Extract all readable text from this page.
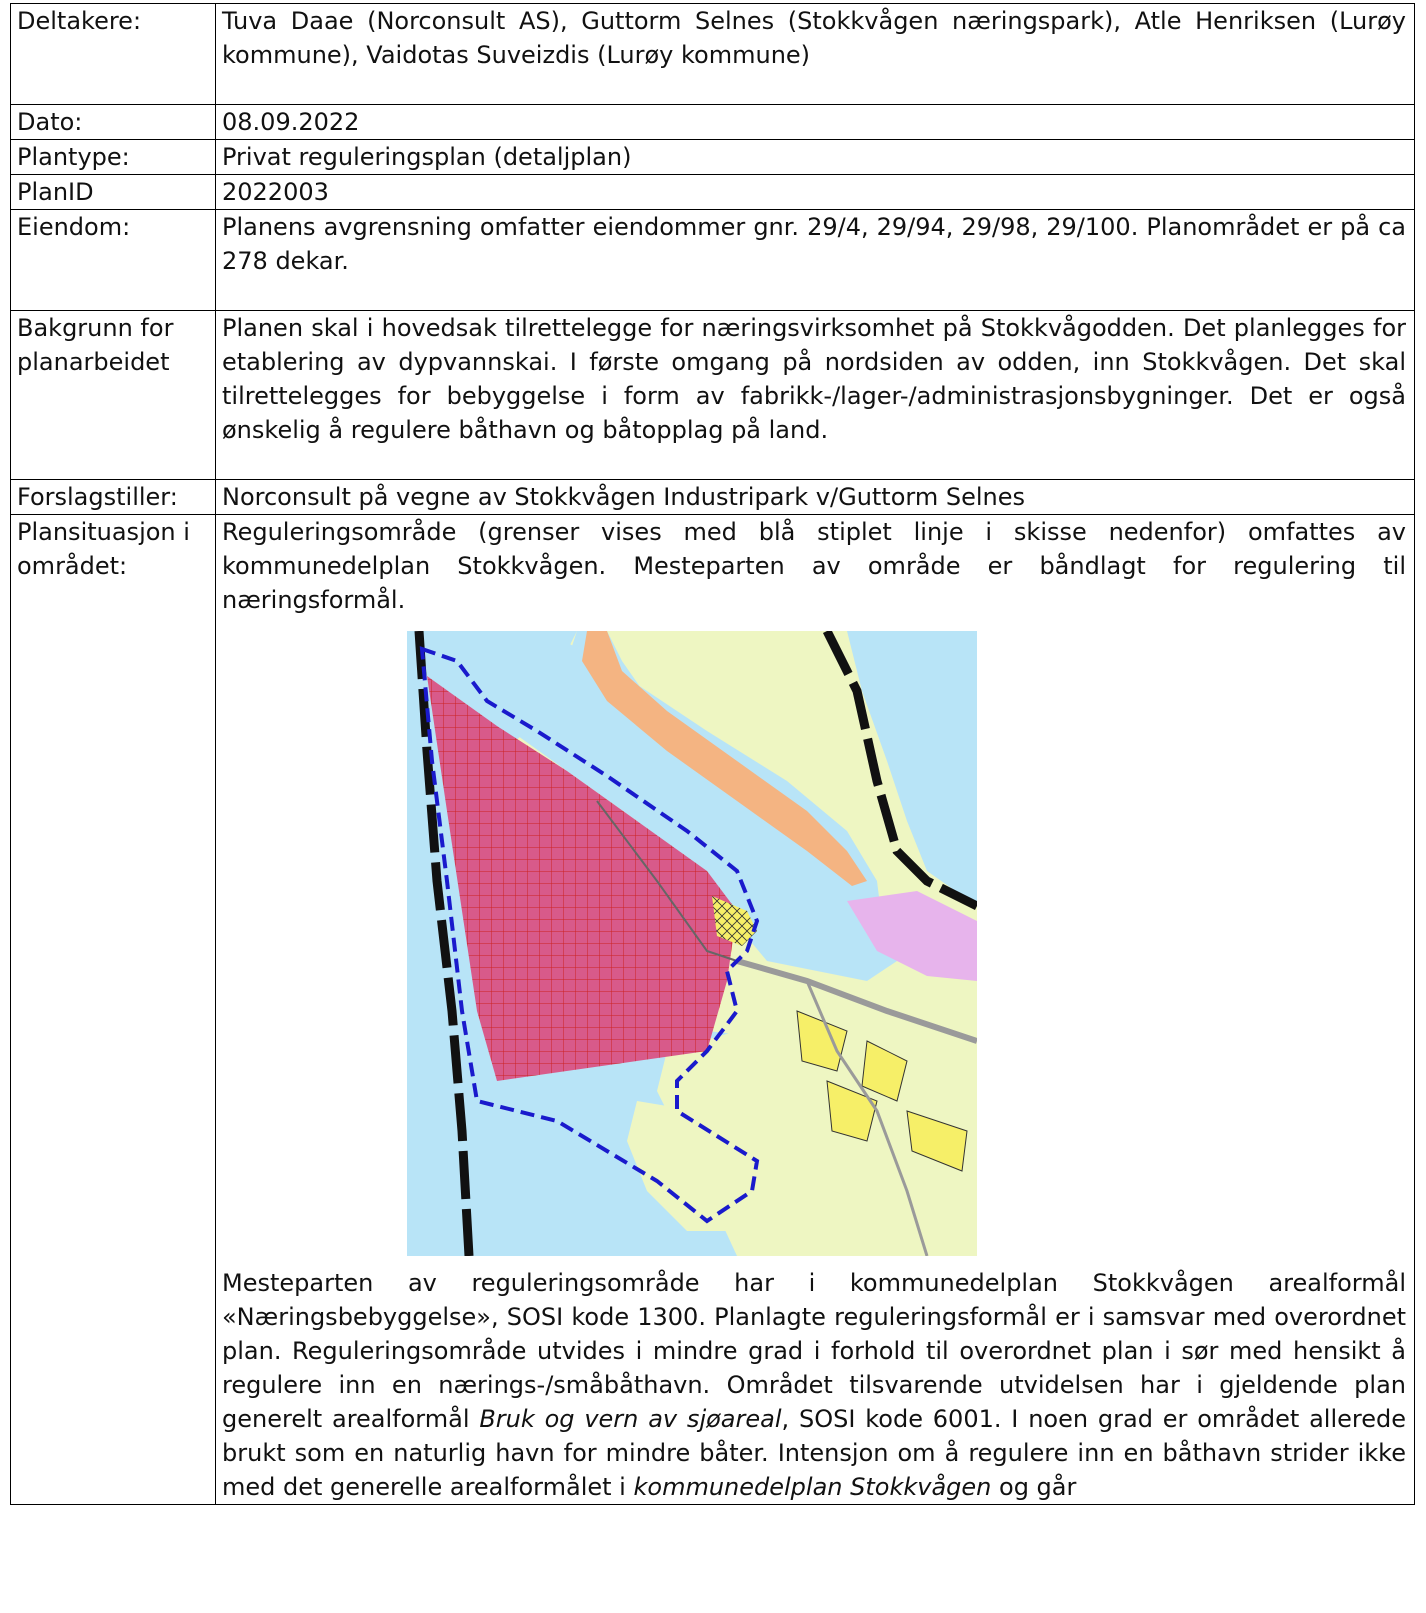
Deltakere:	Tuva Daae (Norconsult AS), Guttorm Selnes (Stokkvågen næringspark), Atle Henriksen (Lurøy kommune), Vaidotas Suveizdis (Lurøy kommune)

Dato:	08.09.2022
Plantype:	Privat reguleringsplan (detaljplan)
PlanID	2022003
Eiendom:	Planens avgrensning omfatter eiendommer gnr. 29/4, 29/94, 29/98, 29/100. Planområdet er på ca 278 dekar.

Bakgrunn for planarbeidet	Planen skal i hovedsak tilrettelegge for næringsvirksomhet på Stokkvågodden. Det planlegges for etablering av dypvannskai. I første omgang på nordsiden av odden, inn Stokkvågen. Det skal tilrettelegges for bebyggelse i form av fabrikk-/lager-/administrasjonsbygninger. Det er også ønskelig å regulere båthavn og båtopplag på land.

Forslagstiller:	Norconsult på vegne av Stokkvågen Industripark v/Guttorm Selnes
Plansituasjon i området:	Reguleringsområde (grenser vises med blå stiplet linje i skisse nedenfor) omfattes av kommunedelplan Stokkvågen. Mesteparten av område er båndlagt for regulering til næringsformål.

Mesteparten av reguleringsområde har i kommunedelplan Stokkvågen arealformål «Næringsbebyggelse», SOSI kode 1300. Planlagte reguleringsformål er i samsvar med overordnet plan. Reguleringsområde utvides i mindre grad i forhold til overordnet plan i sør med hensikt å regulere inn en nærings-/småbåthavn. Området tilsvarende utvidelsen har i gjeldende plan generelt arealformål Bruk og vern av sjøareal, SOSI kode 6001. I noen grad er området allerede brukt som en naturlig havn for mindre båter. Intensjon om å regulere inn en båthavn strider ikke med det generelle arealformålet i kommunedelplan Stokkvågen og går
